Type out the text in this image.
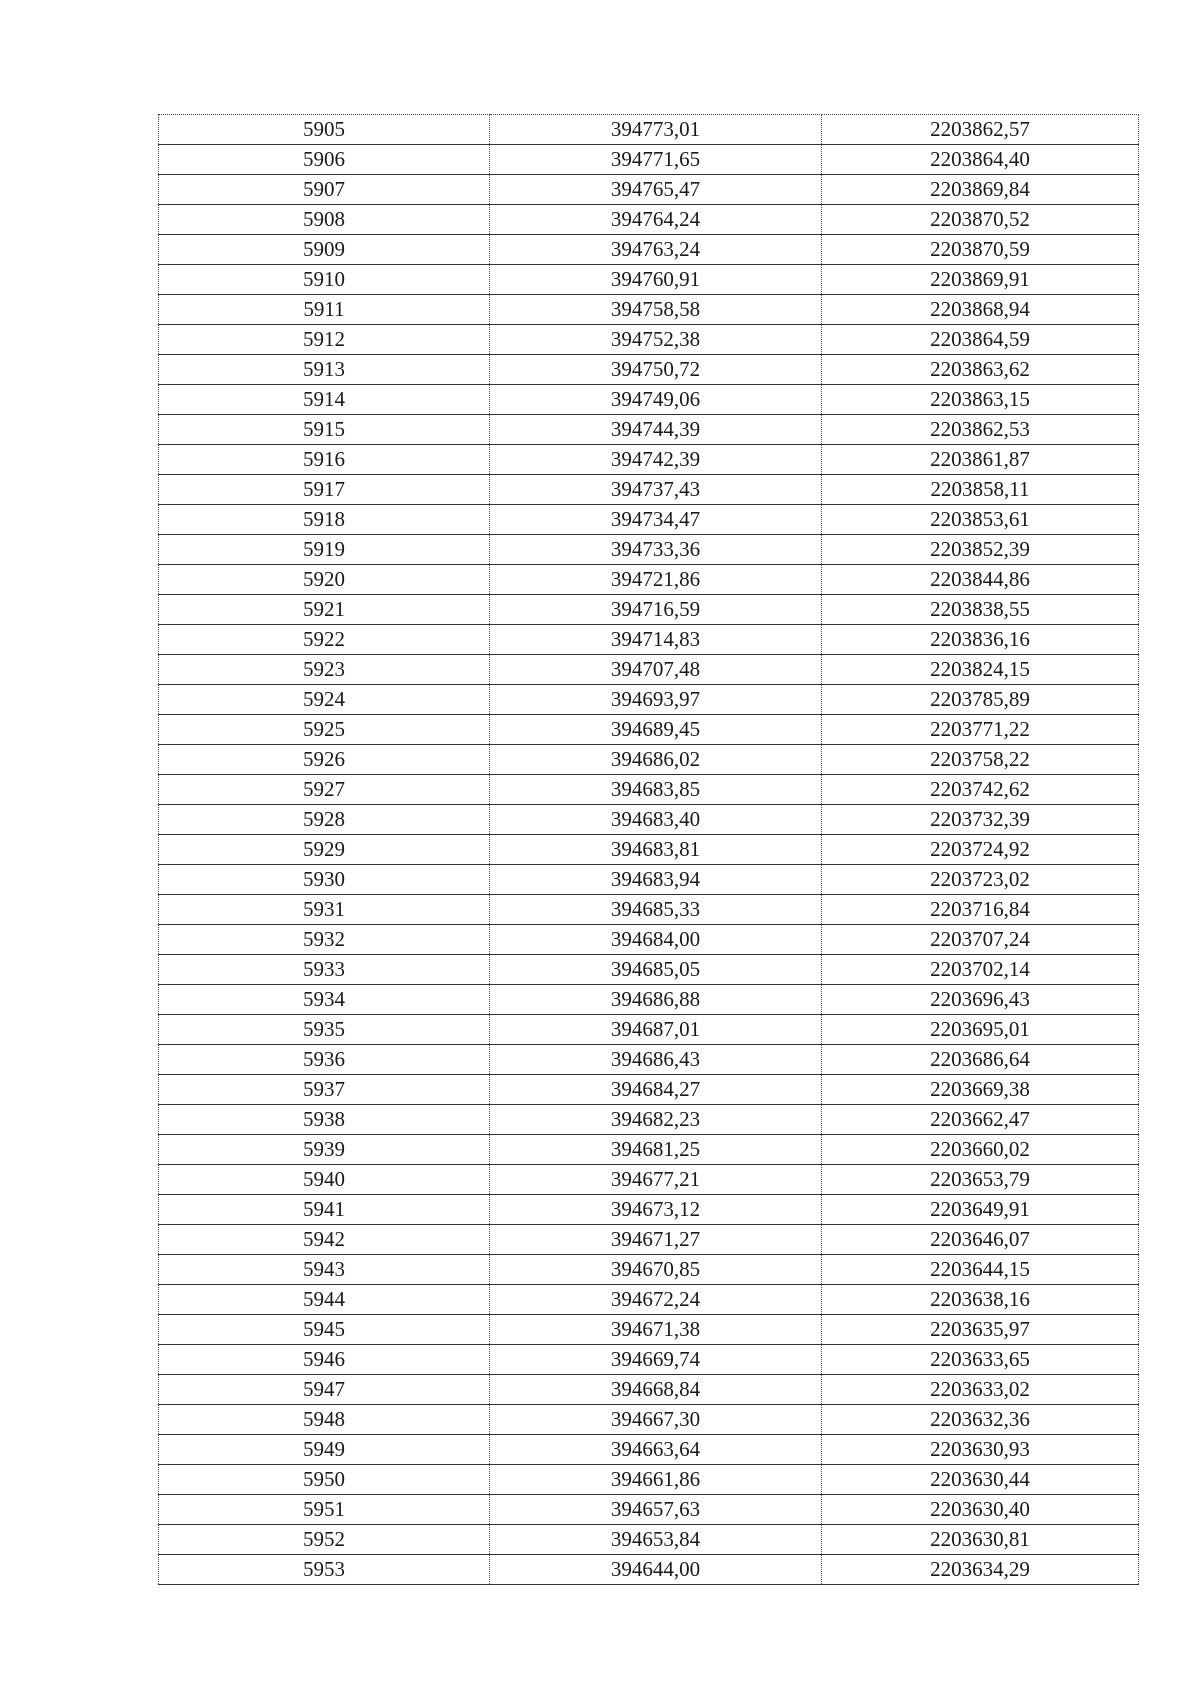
5905	394773,01	2203862,57
5906	394771,65	2203864,40
5907	394765,47	2203869,84
5908	394764,24	2203870,52
5909	394763,24	2203870,59
5910	394760,91	2203869,91
5911	394758,58	2203868,94
5912	394752,38	2203864,59
5913	394750,72	2203863,62
5914	394749,06	2203863,15
5915	394744,39	2203862,53
5916	394742,39	2203861,87
5917	394737,43	2203858,11
5918	394734,47	2203853,61
5919	394733,36	2203852,39
5920	394721,86	2203844,86
5921	394716,59	2203838,55
5922	394714,83	2203836,16
5923	394707,48	2203824,15
5924	394693,97	2203785,89
5925	394689,45	2203771,22
5926	394686,02	2203758,22
5927	394683,85	2203742,62
5928	394683,40	2203732,39
5929	394683,81	2203724,92
5930	394683,94	2203723,02
5931	394685,33	2203716,84
5932	394684,00	2203707,24
5933	394685,05	2203702,14
5934	394686,88	2203696,43
5935	394687,01	2203695,01
5936	394686,43	2203686,64
5937	394684,27	2203669,38
5938	394682,23	2203662,47
5939	394681,25	2203660,02
5940	394677,21	2203653,79
5941	394673,12	2203649,91
5942	394671,27	2203646,07
5943	394670,85	2203644,15
5944	394672,24	2203638,16
5945	394671,38	2203635,97
5946	394669,74	2203633,65
5947	394668,84	2203633,02
5948	394667,30	2203632,36
5949	394663,64	2203630,93
5950	394661,86	2203630,44
5951	394657,63	2203630,40
5952	394653,84	2203630,81
5953	394644,00	2203634,29
